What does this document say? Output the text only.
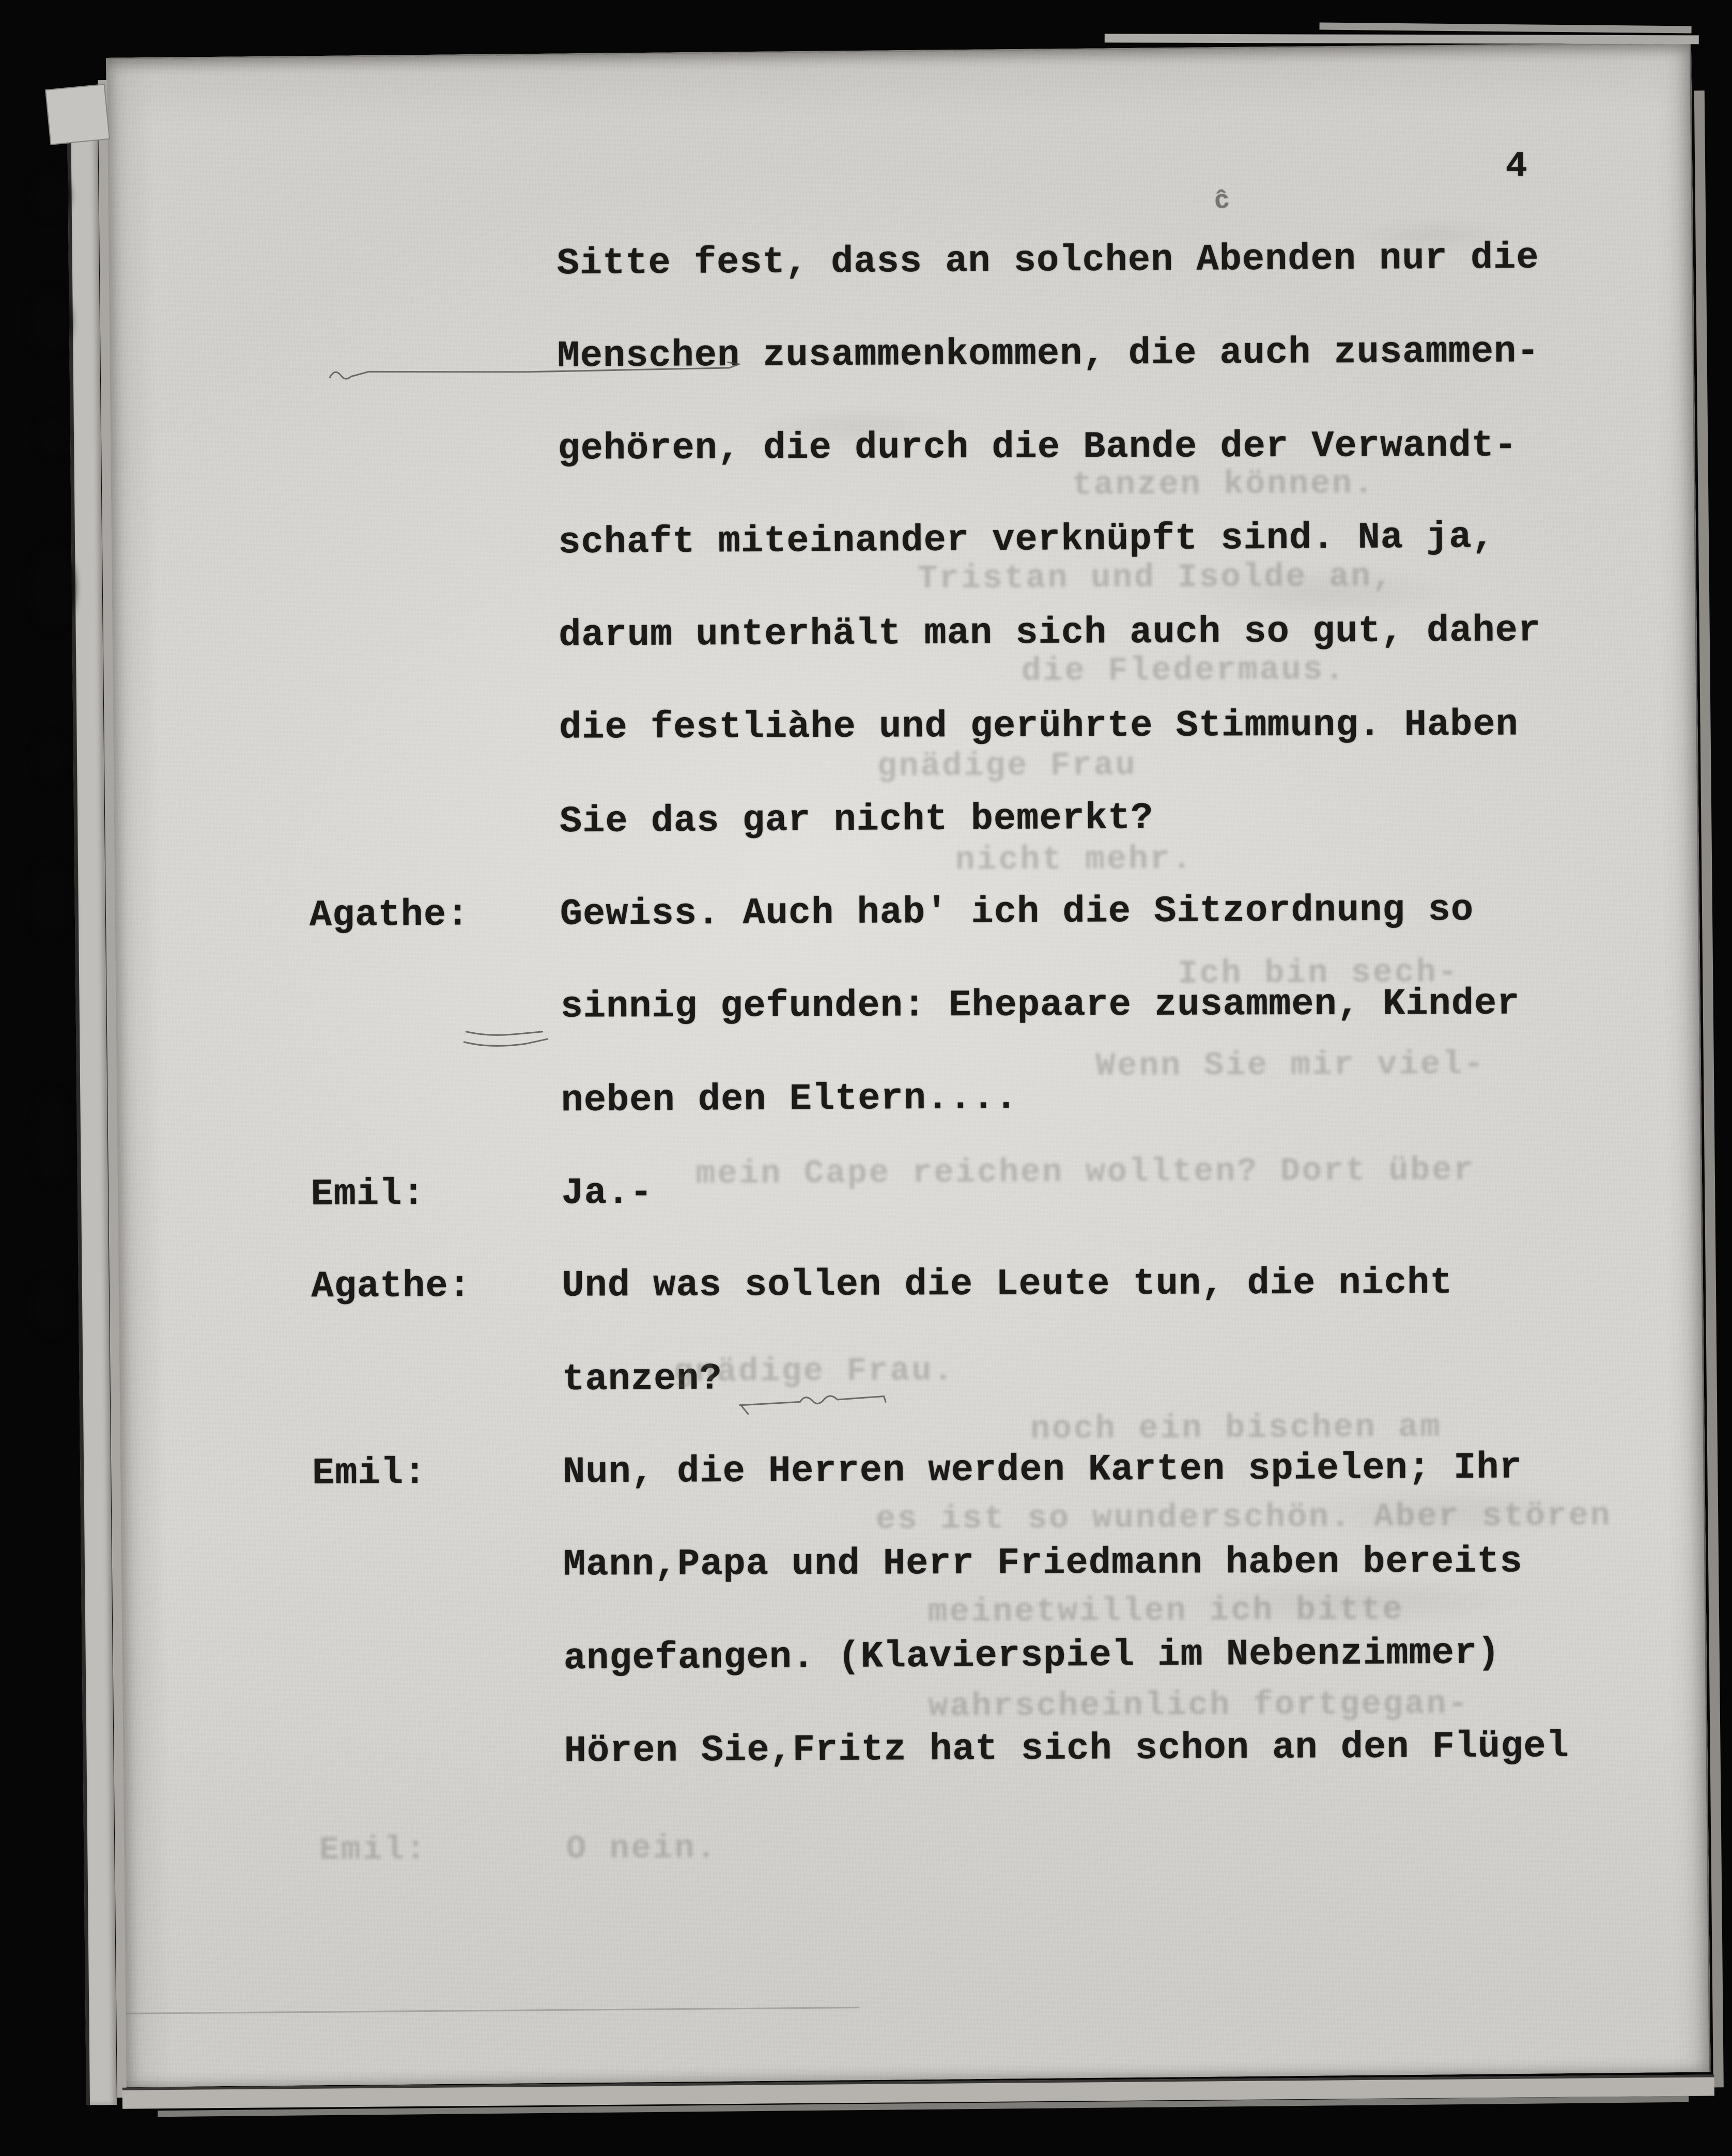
4
ĉ
Sitte fest, dass an solchen Abenden nur die
Menschen zusammenkommen, die auch zusammen-
gehören, die durch die Bande der Verwandt-
schaft miteinander verknüpft sind. Na ja,
darum unterhält man sich auch so gut, daher
die festliàhe und gerührte Stimmung. Haben
Sie das gar nicht bemerkt?
Agathe: Gewiss. Auch hab' ich die Sitzordnung so
sinnig gefunden: Ehepaare zusammen, Kinder
neben den Eltern....
Emil:	Ja.-
Agathe: Und was sollen die Leute tun, die nicht
tanzen?
Emil:	Nun, die Herren werden Karten spielen; Ihr
Mann,Papa und Herr Friedmann haben bereits
angefangen. (Klavierspiel im Nebenzimmer)
Hören Sie,Fritz hat sich schon an den Flügel
tanzen können.
Tristan und Isolde an,
die Fledermaus.
gnädige Frau
nicht mehr.
Ich bin sech-
Wenn Sie mir viel-
mein Cape reichen wollten? Dort über
gnädige Frau.
noch ein bischen am
es ist so wunderschön. Aber stören
meinetwillen ich bitte
wahrscheinlich fortgegan-
Emil:	O nein.
